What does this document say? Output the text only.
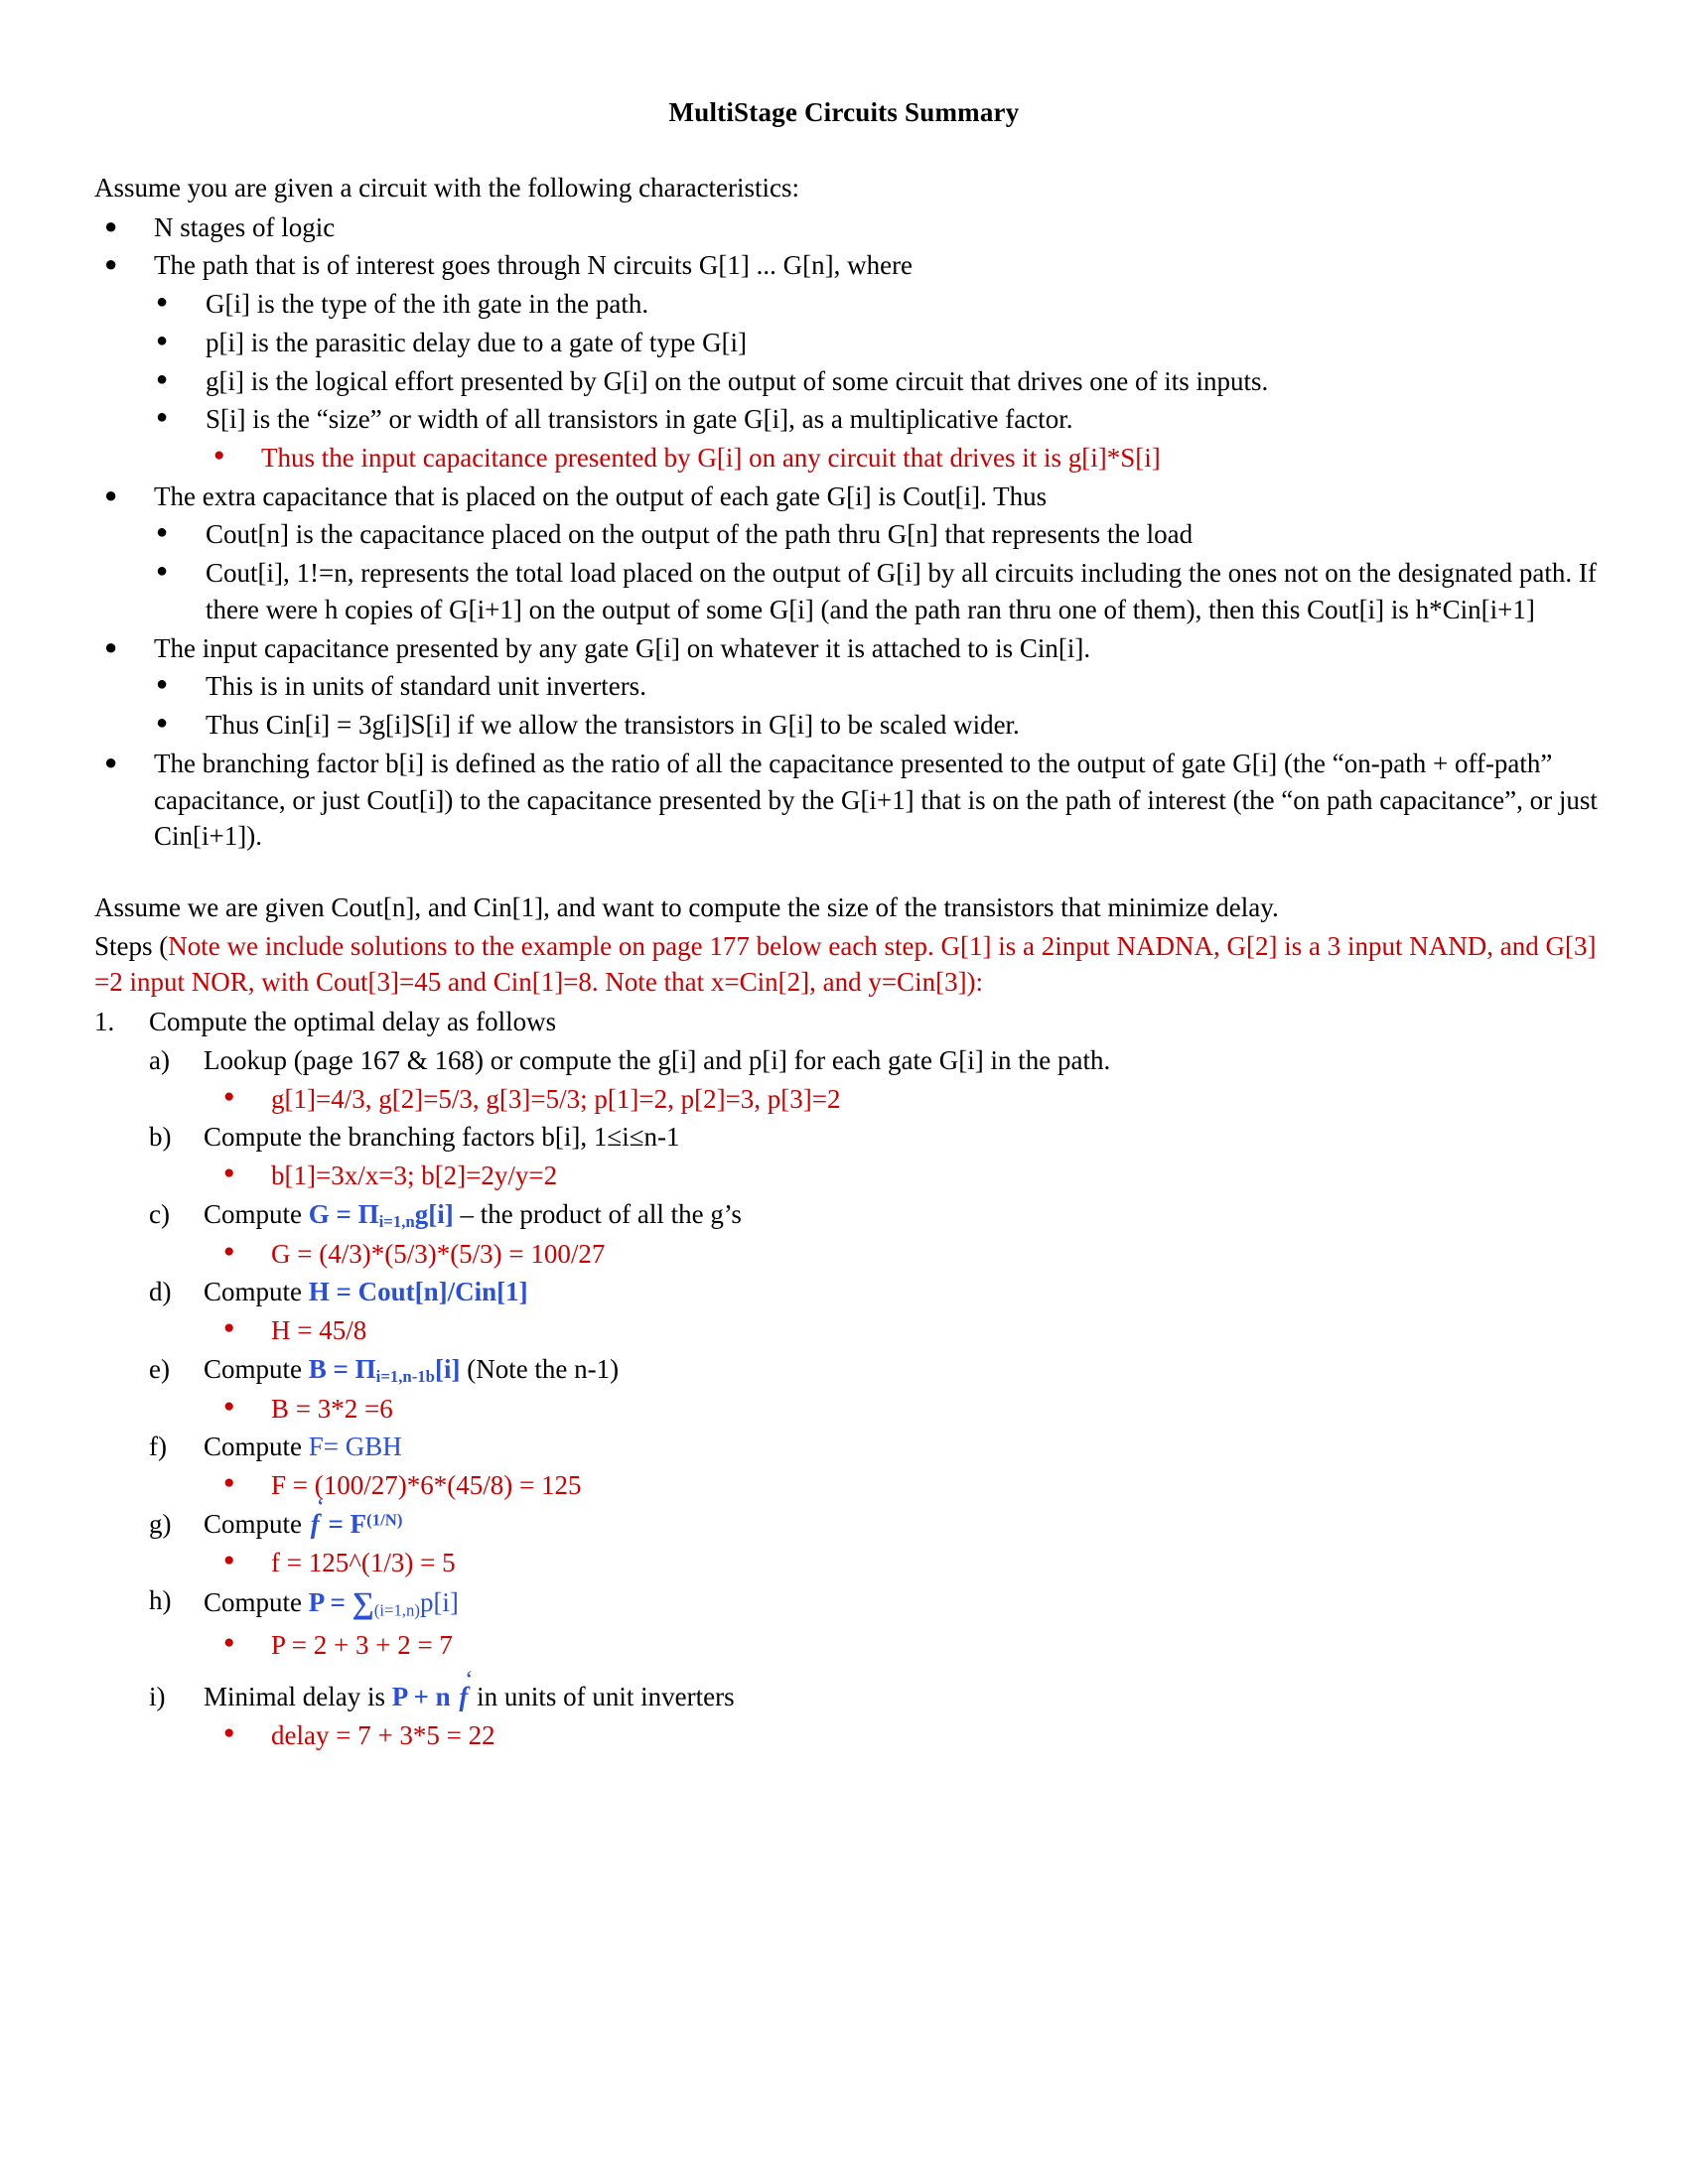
MultiStage Circuits Summary

Assume you are given a circuit with the following characteristics:

●	N stages of logic
●	The path that is of interest goes through N circuits G[1] ... G[n], where
●	G[i] is the type of the ith gate in the path.
●	p[i] is the parasitic delay due to a gate of type G[i]
●	g[i] is the logical effort presented by G[i] on the output of some circuit that drives one of its inputs.
●	S[i] is the “size” or width of all transistors in gate G[i], as a multiplicative factor.
●	Thus the input capacitance presented by G[i] on any circuit that drives it is g[i]*S[i]
●	The extra capacitance that is placed on the output of each gate G[i] is Cout[i]. Thus
●	Cout[n] is the capacitance placed on the output of the path thru G[n] that represents the load
●	Cout[i], 1!=n, represents the total load placed on the output of G[i] by all circuits including the ones not on the designated path. If there were h copies of G[i+1] on the output of some G[i] (and the path ran thru one of them), then this Cout[i] is h*Cin[i+1]
●	The input capacitance presented by any gate G[i] on whatever it is attached to is Cin[i].
●	This is in units of standard unit inverters.
●	Thus Cin[i] = 3g[i]S[i] if we allow the transistors in G[i] to be scaled wider.
●	The branching factor b[i] is defined as the ratio of all the capacitance presented to the output of gate G[i] (the “on-path + off-path” capacitance, or just Cout[i]) to the capacitance presented by the G[i+1] that is on the path of interest (the “on path capacitance”, or just Cin[i+1]).

Assume we are given Cout[n], and Cin[1], and want to compute the size of the transistors that minimize delay.

Steps (Note we include solutions to the example on page 177 below each step. G[1] is a 2input NADNA, G[2] is a 3 input NAND, and G[3] =2 input NOR, with Cout[3]=45 and Cin[1]=8. Note that x=Cin[2], and y=Cin[3]):

1.	Compute the optimal delay as follows
a)	Lookup (page 167 & 168) or compute the g[i] and p[i] for each gate G[i] in the path.
●	g[1]=4/3, g[2]=5/3, g[3]=5/3; p[1]=2, p[2]=3, p[3]=2
b)	Compute the branching factors b[i], 1≤i≤n-1
●	b[1]=3x/x=3; b[2]=2y/y=2
c)	Compute $G = \Pi_{i=1,n}g[i]$ – the product of all the g’s
●	G = (4/3)*(5/3)*(5/3) = 100/27
d)	Compute H = Cout[n]/Cin[1]
●	H = 45/8
e)	Compute $B = \Pi_{i=1,n-1b}[i]$ (Note the n-1)
●	B = 3*2 =6
f)	Compute F= GBH
●	F = (100/27)*6*(45/8) = 125
g)	Compute ‘ $f = F^{(1/N)}$
●	f = 125^(1/3) = 5
h)	Compute $P = \sum_{(i=1,n)}p[i]$
●	P = 2 + 3 + 2 = 7
i)	Minimal delay is P + n ‘ f in units of unit inverters
●	delay = 7 + 3*5 = 22
